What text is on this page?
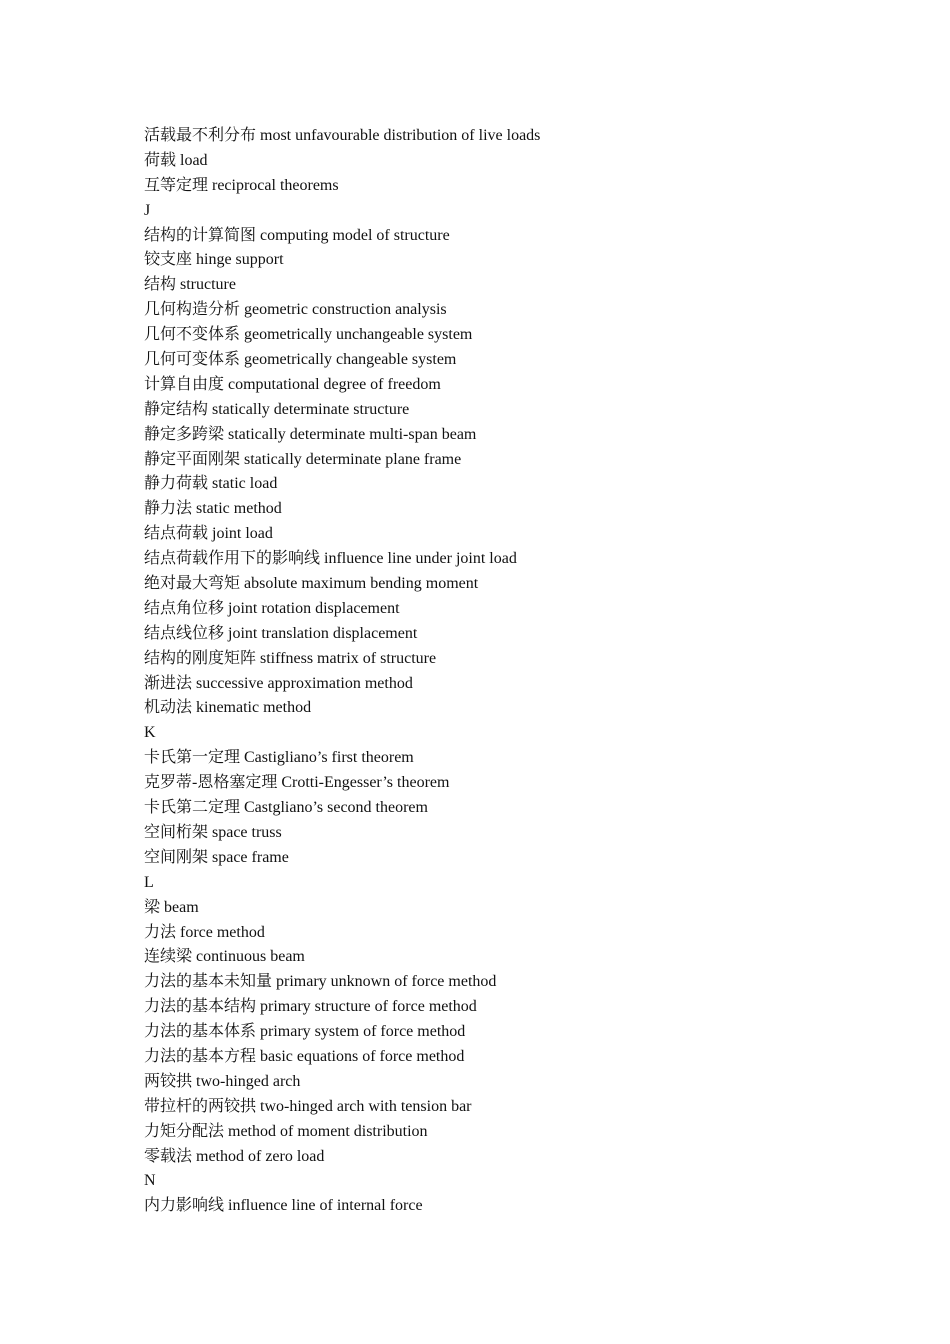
活载最不利分布 most unfavourable distribution of live loads
荷载 load
互等定理 reciprocal theorems
J
结构的计算简图 computing model of structure
铰支座 hinge support
结构 structure
几何构造分析 geometric construction analysis
几何不变体系 geometrically unchangeable system
几何可变体系 geometrically changeable system
计算自由度 computational degree of freedom
静定结构 statically determinate structure
静定多跨梁 statically determinate multi-span beam
静定平面刚架 statically determinate plane frame
静力荷载 static load
静力法 static method
结点荷载 joint load
结点荷载作用下的影响线 influence line under joint load
绝对最大弯矩 absolute maximum bending moment
结点角位移 joint rotation displacement
结点线位移 joint translation displacement
结构的刚度矩阵 stiffness matrix of structure
渐进法 successive approximation method
机动法 kinematic method
K
卡氏第一定理 Castigliano’s first theorem
克罗蒂-恩格塞定理 Crotti-Engesser’s theorem
卡氏第二定理 Castgliano’s second theorem
空间桁架 space truss
空间刚架 space frame
L
梁 beam
力法 force method
连续梁 continuous beam
力法的基本未知量 primary unknown of force method
力法的基本结构 primary structure of force method
力法的基本体系 primary system of force method
力法的基本方程 basic equations of force method
两铰拱 two-hinged arch
带拉杆的两铰拱 two-hinged arch with tension bar
力矩分配法 method of moment distribution
零载法 method of zero load
N
内力影响线 influence line of internal force
